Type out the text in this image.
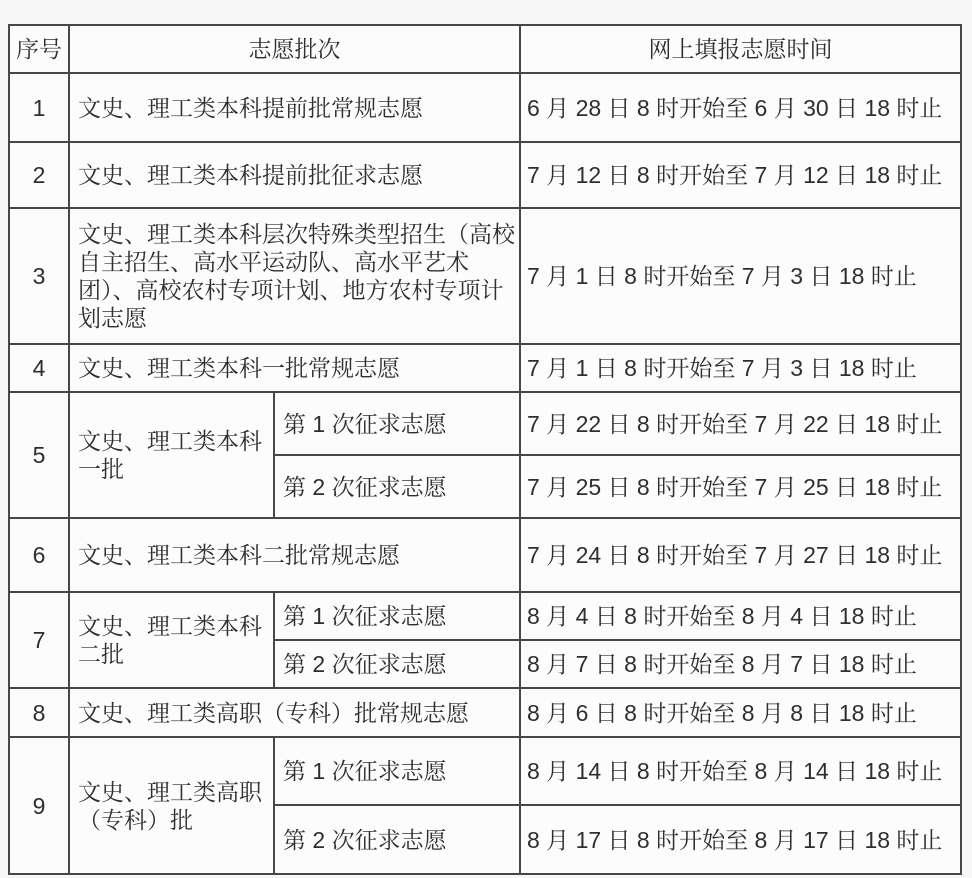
序号	志愿批次		网上填报志愿时间
1	文史、理工类本科提前批常规志愿		6 月 28 日 8 时开始至 6 月 30 日 18 时止
2	文史、理工类本科提前批征求志愿		7 月 12 日 8 时开始至 7 月 12 日 18 时止
3	文史、理工类本科层次特殊类型招生（高校自主招生、高水平运动队、高水平艺术团）、高校农村专项计划、地方农村专项计划志愿		7 月 1 日 8 时开始至 7 月 3 日 18 时止
4	文史、理工类本科一批常规志愿		7 月 1 日 8 时开始至 7 月 3 日 18 时止
5	文史、理工类本科一批	第 1 次征求志愿	7 月 22 日 8 时开始至 7 月 22 日 18 时止
		第 2 次征求志愿	7 月 25 日 8 时开始至 7 月 25 日 18 时止
6	文史、理工类本科二批常规志愿		7 月 24 日 8 时开始至 7 月 27 日 18 时止
7	文史、理工类本科二批	第 1 次征求志愿	8 月 4 日 8 时开始至 8 月 4 日 18 时止
		第 2 次征求志愿	8 月 7 日 8 时开始至 8 月 7 日 18 时止
8	文史、理工类高职（专科）批常规志愿		8 月 6 日 8 时开始至 8 月 8 日 18 时止
9	文史、理工类高职（专科）批	第 1 次征求志愿	8 月 14 日 8 时开始至 8 月 14 日 18 时止
		第 2 次征求志愿	8 月 17 日 8 时开始至 8 月 17 日 18 时止
